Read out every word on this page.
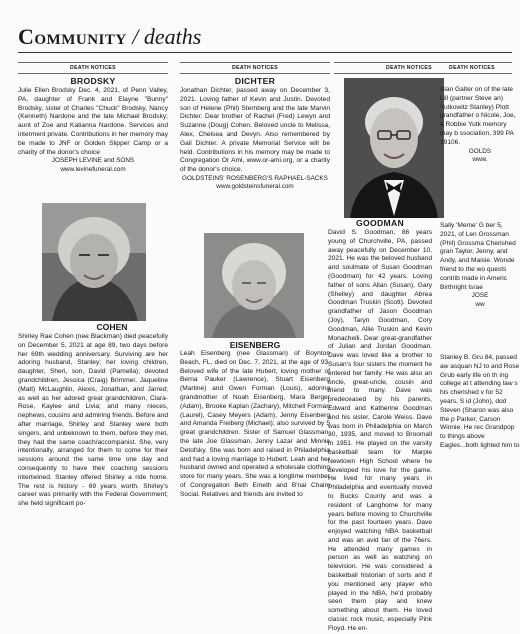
Community / deaths
DEATH NOTICES	DEATH NOTICES	DEATH NOTICES	DEATH NOTICES
BRODSKY

Julie Ellen Brodsky Dec. 4, 2021, of Penn Valley, PA, daughter of Frank and Elayne "Bunny" Brodsky, sister of Charles "Chuck" Brodsky, Nancy (Kenneth) Nardone and the late Michael Brodsky; aunt of Zoe and Katianna Nardone. Services and interment private. Contributions in her memory may be made to JNF or Golden Slipper Camp or a charity of the donor's choice

JOSEPH LEVINE and SONS
www.levinefuneral.com
COHEN

Shirley Rae Cohen (nee Blackman) died peacefully on December 5, 2021 at age 89, two days before her 69th wedding anniversary. Surviving are her adoring husband, Stanley; her loving children, daughter, Sheri, son, David (Pamella); devoted grandchildren, Jessica (Craig) Brimmer, Jaqueline (Matt) McLaughlin, Alexis, Jonathan, and Jarred; as well as her adored great grandchildren, Clara-Rose, Kaylee and Livia; and many nieces, nephews, cousins and admiring friends. Before and after marriage, Shirley and Stanley were both singers, and unbeknown to them, before they met, they had the same coach/accompanist. She, very intentionally, arranged for them to come for their sessions around the same time one day and consequently to have their coaching sessions intertwined. Stanley offered Shirley a ride home. The rest is history - 69 years worth. Shirley's career was primarily with the Federal Government; she held significant po-

DICHTER

Jonathan Dichter, passed away on December 3, 2021. Loving father of Kevin and Justin. Devoted son of Helene (Phil) Sternberg and the late Marvin Dichter. Dear brother of Rachel (Fred) Lewyn and Suzanne (Doug) Cohen. Beloved uncle to Melissa, Alex, Chelsea and Devyn. Also remembered by Gail Dichter. A private Memorial Service will be held. Contributions in his memory may be made to Congregation Or Ami, www.or-ami.org, or a charity of the donor's choice.

GOLDSTEINS' ROSENBERG'S RAPHAEL-SACKS
www.goldsteinsfuneral.com
EISENBERG

Leah Eisenberg (nee Glassman) of Boynton Beach, FL, died on Dec. 7, 2021, at the age of 93. Beloved wife of the late Hubert, loving mother of Berna Pauker (Lawrence), Stuart Eisenberg (Martine) and Gwen Forman (Louis), adoring grandmother of Noah Eisenberg, Mara Berger (Adam), Brooke Kaplan (Zachary), Mitchell Forman (Laurel), Casey Meyers (Adam), Jenny Eisenberg and Amanda Freiberg (Michael); also survived by 5 great grandchildren. Sister of Samuel Glassman, the late Joe Glassman, Jenny Lazar and Minnie Detofsky. She was born and raised in Philadelphia and had a loving marriage to Hubert. Leah and her husband owned and operated a wholesale clothing store for many years. She was a longtime member of Congregation Beth Emeth and B'nai Chaim Social. Relatives and friends are invited to

GOODMAN

David S. Goodman, 86 years young of Churchville, PA, passed away peacefully on December 10, 2021. He was the beloved husband and soulmate of Susan Goodman (Goodman) for 42 years. Loving father of sons Allan (Susan), Gary (Shelley) and daughter Abrea Goodman Truskin (Scott). Devoted grandfather of Jason Goodman (Joy), Taryn Goodman, Cory Goodman, Allie Truskin and Kevin Monachelli. Dear great-grandfather of Julian and Jordan Goodman. Dave was loved like a brother to Susan's four sisters the moment he entered her family. He was also an uncle, great-uncle, cousin and friend to many. Dave was predeceased by his parents, Edward and Katherine Goodman and his sister, Carole Weiss. Dave was born in Philadelphia on March 30, 1935, and moved to Broomall in 1951. He played on the varsity basketball team for Marple Newtown High School where he developed his love for the game. He lived for many years in Philadelphia and eventually moved to Bucks County and was a resident of Langhorne for many years before moving to Churchville for the past fourteen years. Dave enjoyed watching NBA basketball and was an avid fan of the 76ers. He attended many games in person as well as watching on television. He was considered a basketball historian of sorts and if you mentioned any player who played in the NBA, he'd probably seen them play and knew something about them. He loved classic rock music, especially Pink Floyd. He en-

Alan Galter on of the late Lill (partner Steve an) Yutkowitz Stanley) Plott grandfather o Nicole, Joe, a Robbie Yutk memory may b ssociation, 399 PA 19106.

GOLDS
www.

Sally 'Meme' G ber 5, 2021, of Len Grossman (Phil) Grossma Cherished gran Taylor, Jenny, and Andy, and Maisie. Wonde friend to the wo quests contrib made in Americ Birthright Israe

JOSE
ww

Stanley B. Gru 84, passed aw asquan NJ to and Rose Grub early life on th ing college at t attending law s his cherished v for 52 years, S id (John), dod Steven (Sharon was also the p Parker, Carson Winnie. He rec Grandpop to things above Eagles...both lighted him to
